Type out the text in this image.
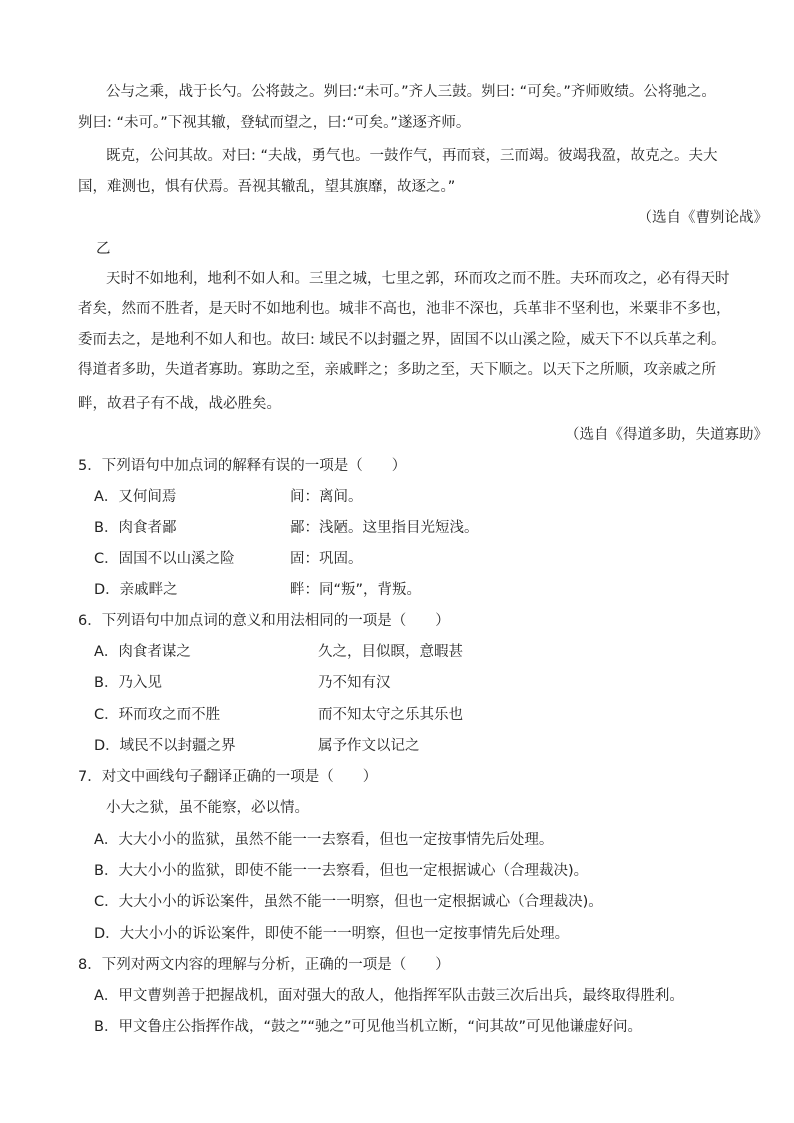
公与之乘，战于长勺。公将鼓之。刿曰:“未可。”齐人三鼓。刿曰: “可矣。”齐师败绩。公将驰之。
刿曰: “未可。”下视其辙，登轼而望之，曰:“可矣。”遂逐齐师。
既克，公问其故。对曰: “夫战，勇气也。一鼓作气，再而衰，三而竭。彼竭我盈，故克之。夫大
国，难测也，惧有伏焉。吾视其辙乱，望其旗靡，故逐之。”
（选自《曹刿论战》
乙
天时不如地利，地利不如人和。三里之城，七里之郭，环而攻之而不胜。夫环而攻之，必有得天时
者矣，然而不胜者，是天时不如地利也。城非不高也，池非不深也，兵革非不坚利也，米粟非不多也，
委而去之，是地利不如人和也。故曰: 域民不以封疆之界，固国不以山溪之险，威天下不以兵革之利。
得道者多助，失道者寡助。寡助之至，亲戚畔之；多助之至，天下顺之。以天下之所顺，攻亲戚之所
畔，故君子有不战，战必胜矣。
（选自《得道多助，失道寡助》
5．下列语句中加点词的解释有误的一项是（　　）
A．又何间焉	间：离间。
B．肉食者鄙	鄙：浅陋。这里指目光短浅。
C．固国不以山溪之险	固：巩固。
D．亲戚畔之	畔：同“叛”，背叛。
6．下列语句中加点词的意义和用法相同的一项是（　　）
A．肉食者谋之	久之，目似瞑，意暇甚
B．乃入见	乃不知有汉
C．环而攻之而不胜	而不知太守之乐其乐也
D．域民不以封疆之界	属予作文以记之
7．对文中画线句子翻译正确的一项是（　　）
小大之狱，虽不能察，必以情。
A．大大小小的监狱，虽然不能一一去察看，但也一定按事情先后处理。
B．大大小小的监狱，即使不能一一去察看，但也一定根据诚心（合理裁决)。
C．大大小小的诉讼案件，虽然不能一一明察，但也一定根据诚心（合理裁决)。
D．大大小小的诉讼案件，即使不能一一明察，但也一定按事情先后处理。
8．下列对两文内容的理解与分析，正确的一项是（　　）
A．甲文曹刿善于把握战机，面对强大的敌人，他指挥军队击鼓三次后出兵，最终取得胜利。
B．甲文鲁庄公指挥作战，“鼓之”“驰之”可见他当机立断，“问其故”可见他谦虚好问。
